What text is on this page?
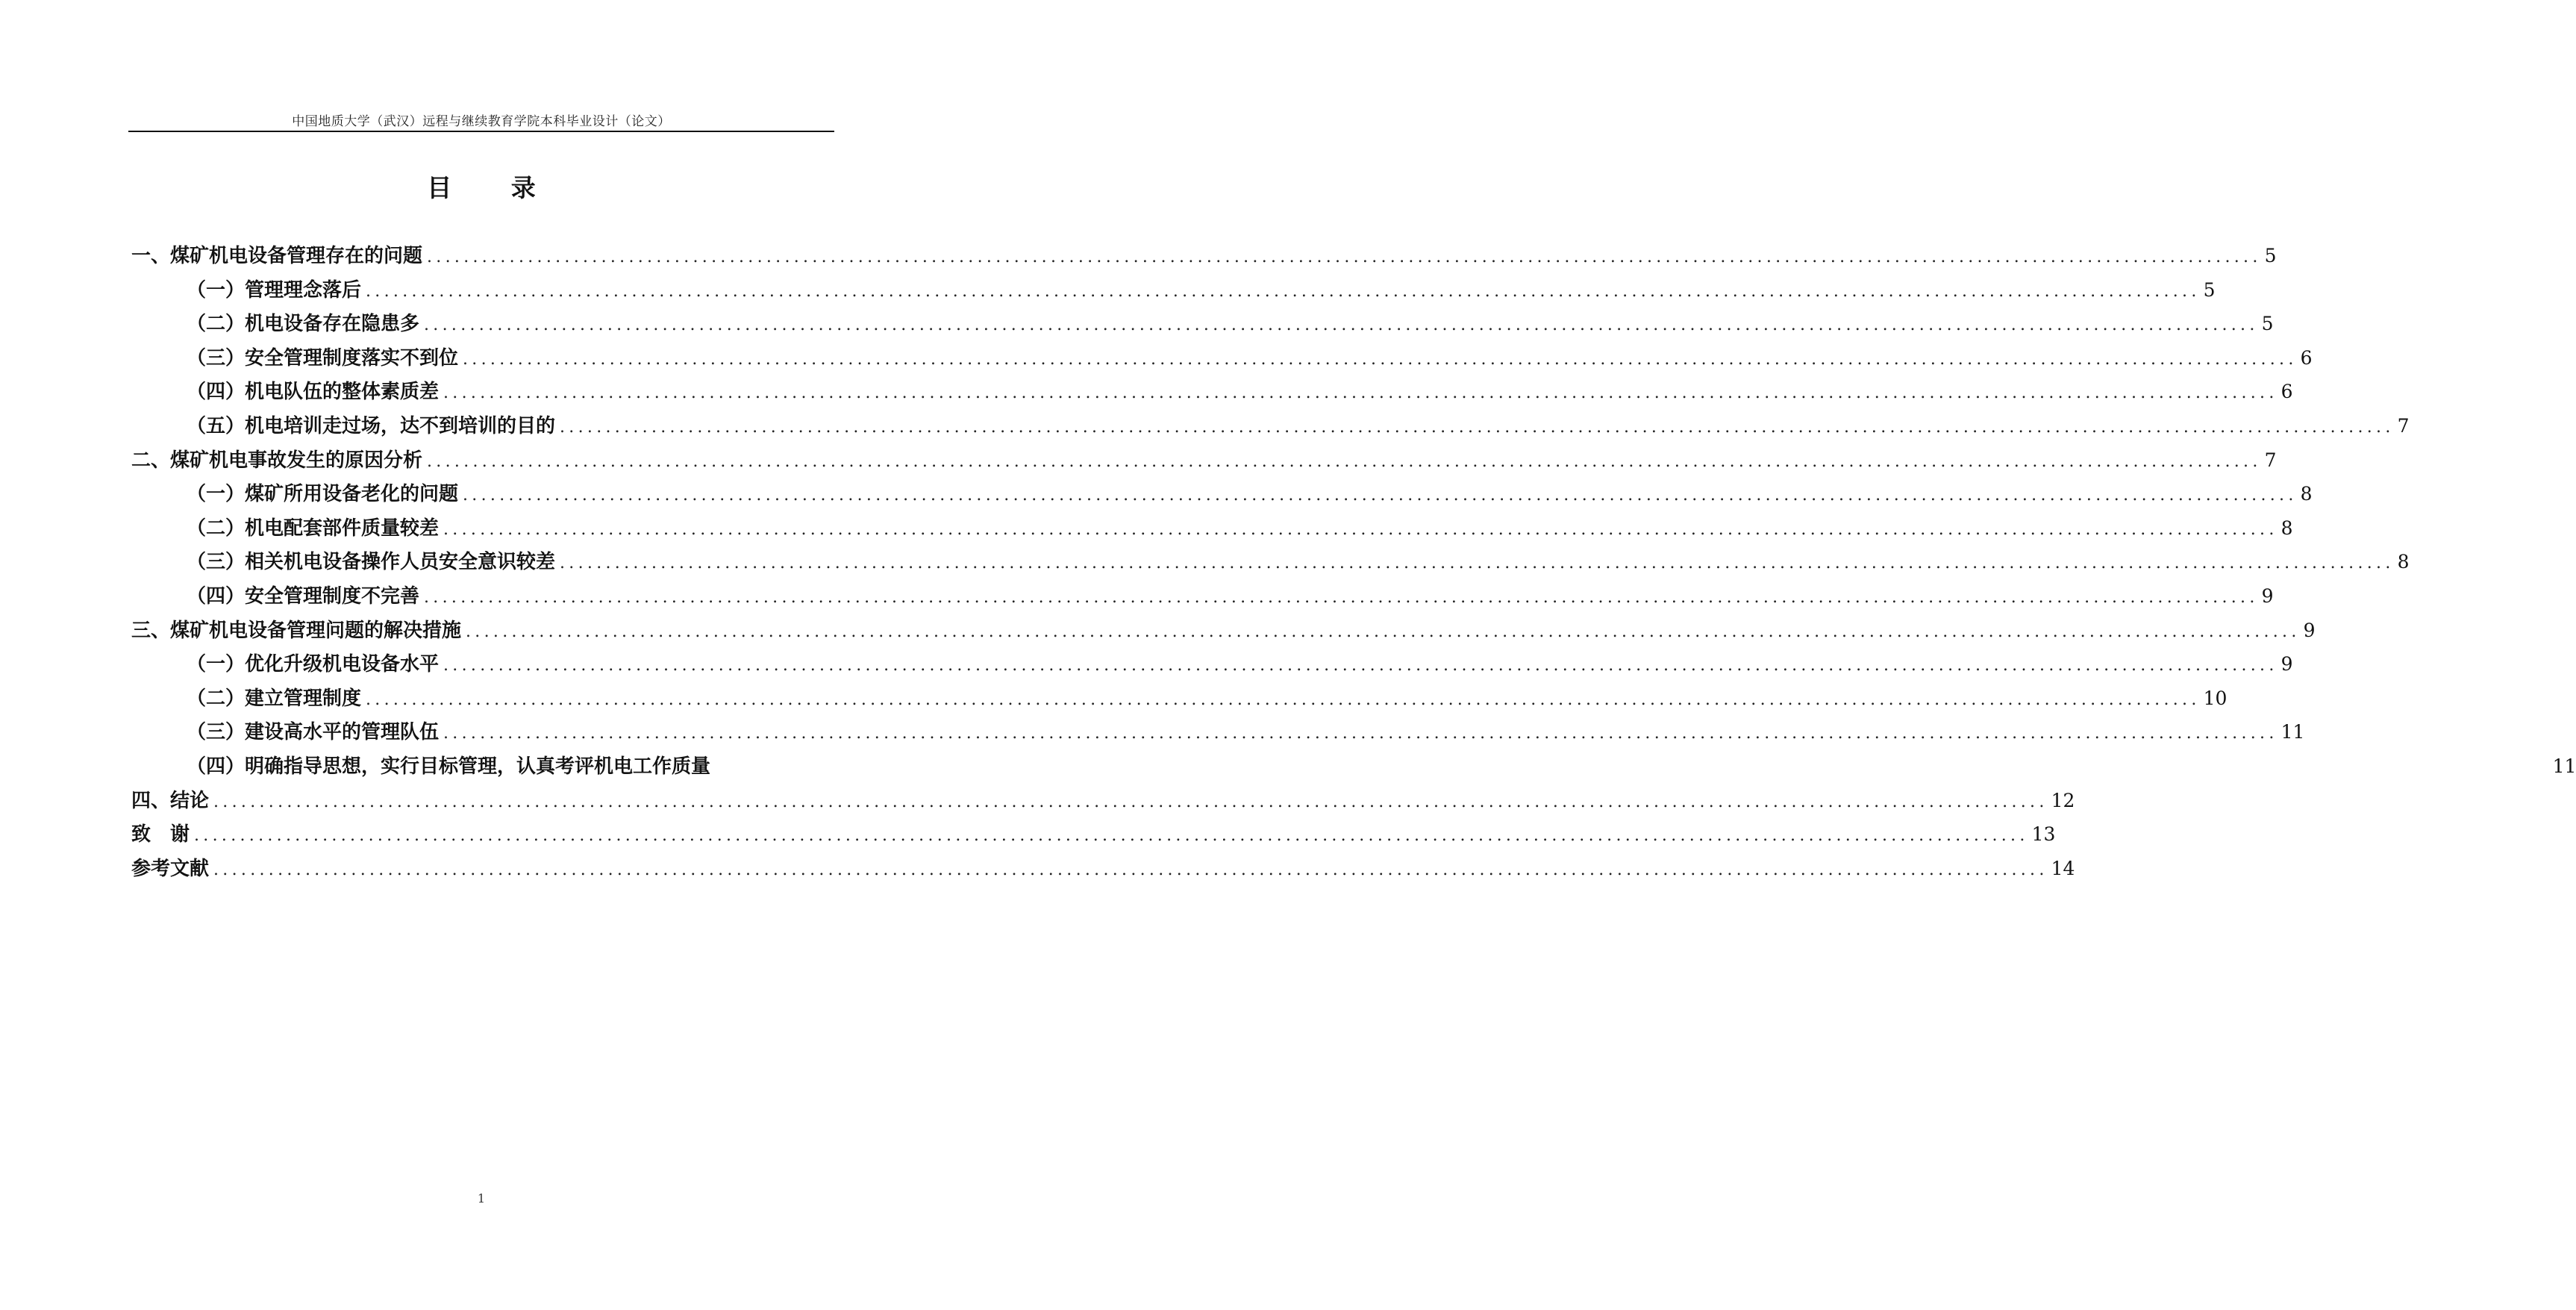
中国地质大学（武汉）远程与继续教育学院本科毕业设计（论文）
目 录
一、煤矿机电设备管理存在的问题 ........................................................................................................................................................................................................ 5
（一）管理理念落后 ........................................................................................................................................................................................................ 5
（二）机电设备存在隐患多 ........................................................................................................................................................................................................ 5
（三）安全管理制度落实不到位 ........................................................................................................................................................................................................ 6
（四）机电队伍的整体素质差 ........................................................................................................................................................................................................ 6
（五）机电培训走过场，达不到培训的目的 ........................................................................................................................................................................................................ 7
二、煤矿机电事故发生的原因分析 ........................................................................................................................................................................................................ 7
（一）煤矿所用设备老化的问题 ........................................................................................................................................................................................................ 8
（二）机电配套部件质量较差 ........................................................................................................................................................................................................ 8
（三）相关机电设备操作人员安全意识较差 ........................................................................................................................................................................................................ 8
（四）安全管理制度不完善 ........................................................................................................................................................................................................ 9
三、煤矿机电设备管理问题的解决措施 ........................................................................................................................................................................................................ 9
（一）优化升级机电设备水平 ........................................................................................................................................................................................................ 9
（二）建立管理制度 ........................................................................................................................................................................................................ 10
（三）建设高水平的管理队伍 ........................................................................................................................................................................................................ 11
（四）明确指导思想，实行目标管理，认真考评机电工作质量	11
四、结论 ........................................................................................................................................................................................................ 12
致　谢 ........................................................................................................................................................................................................ 13
参考文献 ........................................................................................................................................................................................................ 14
1
